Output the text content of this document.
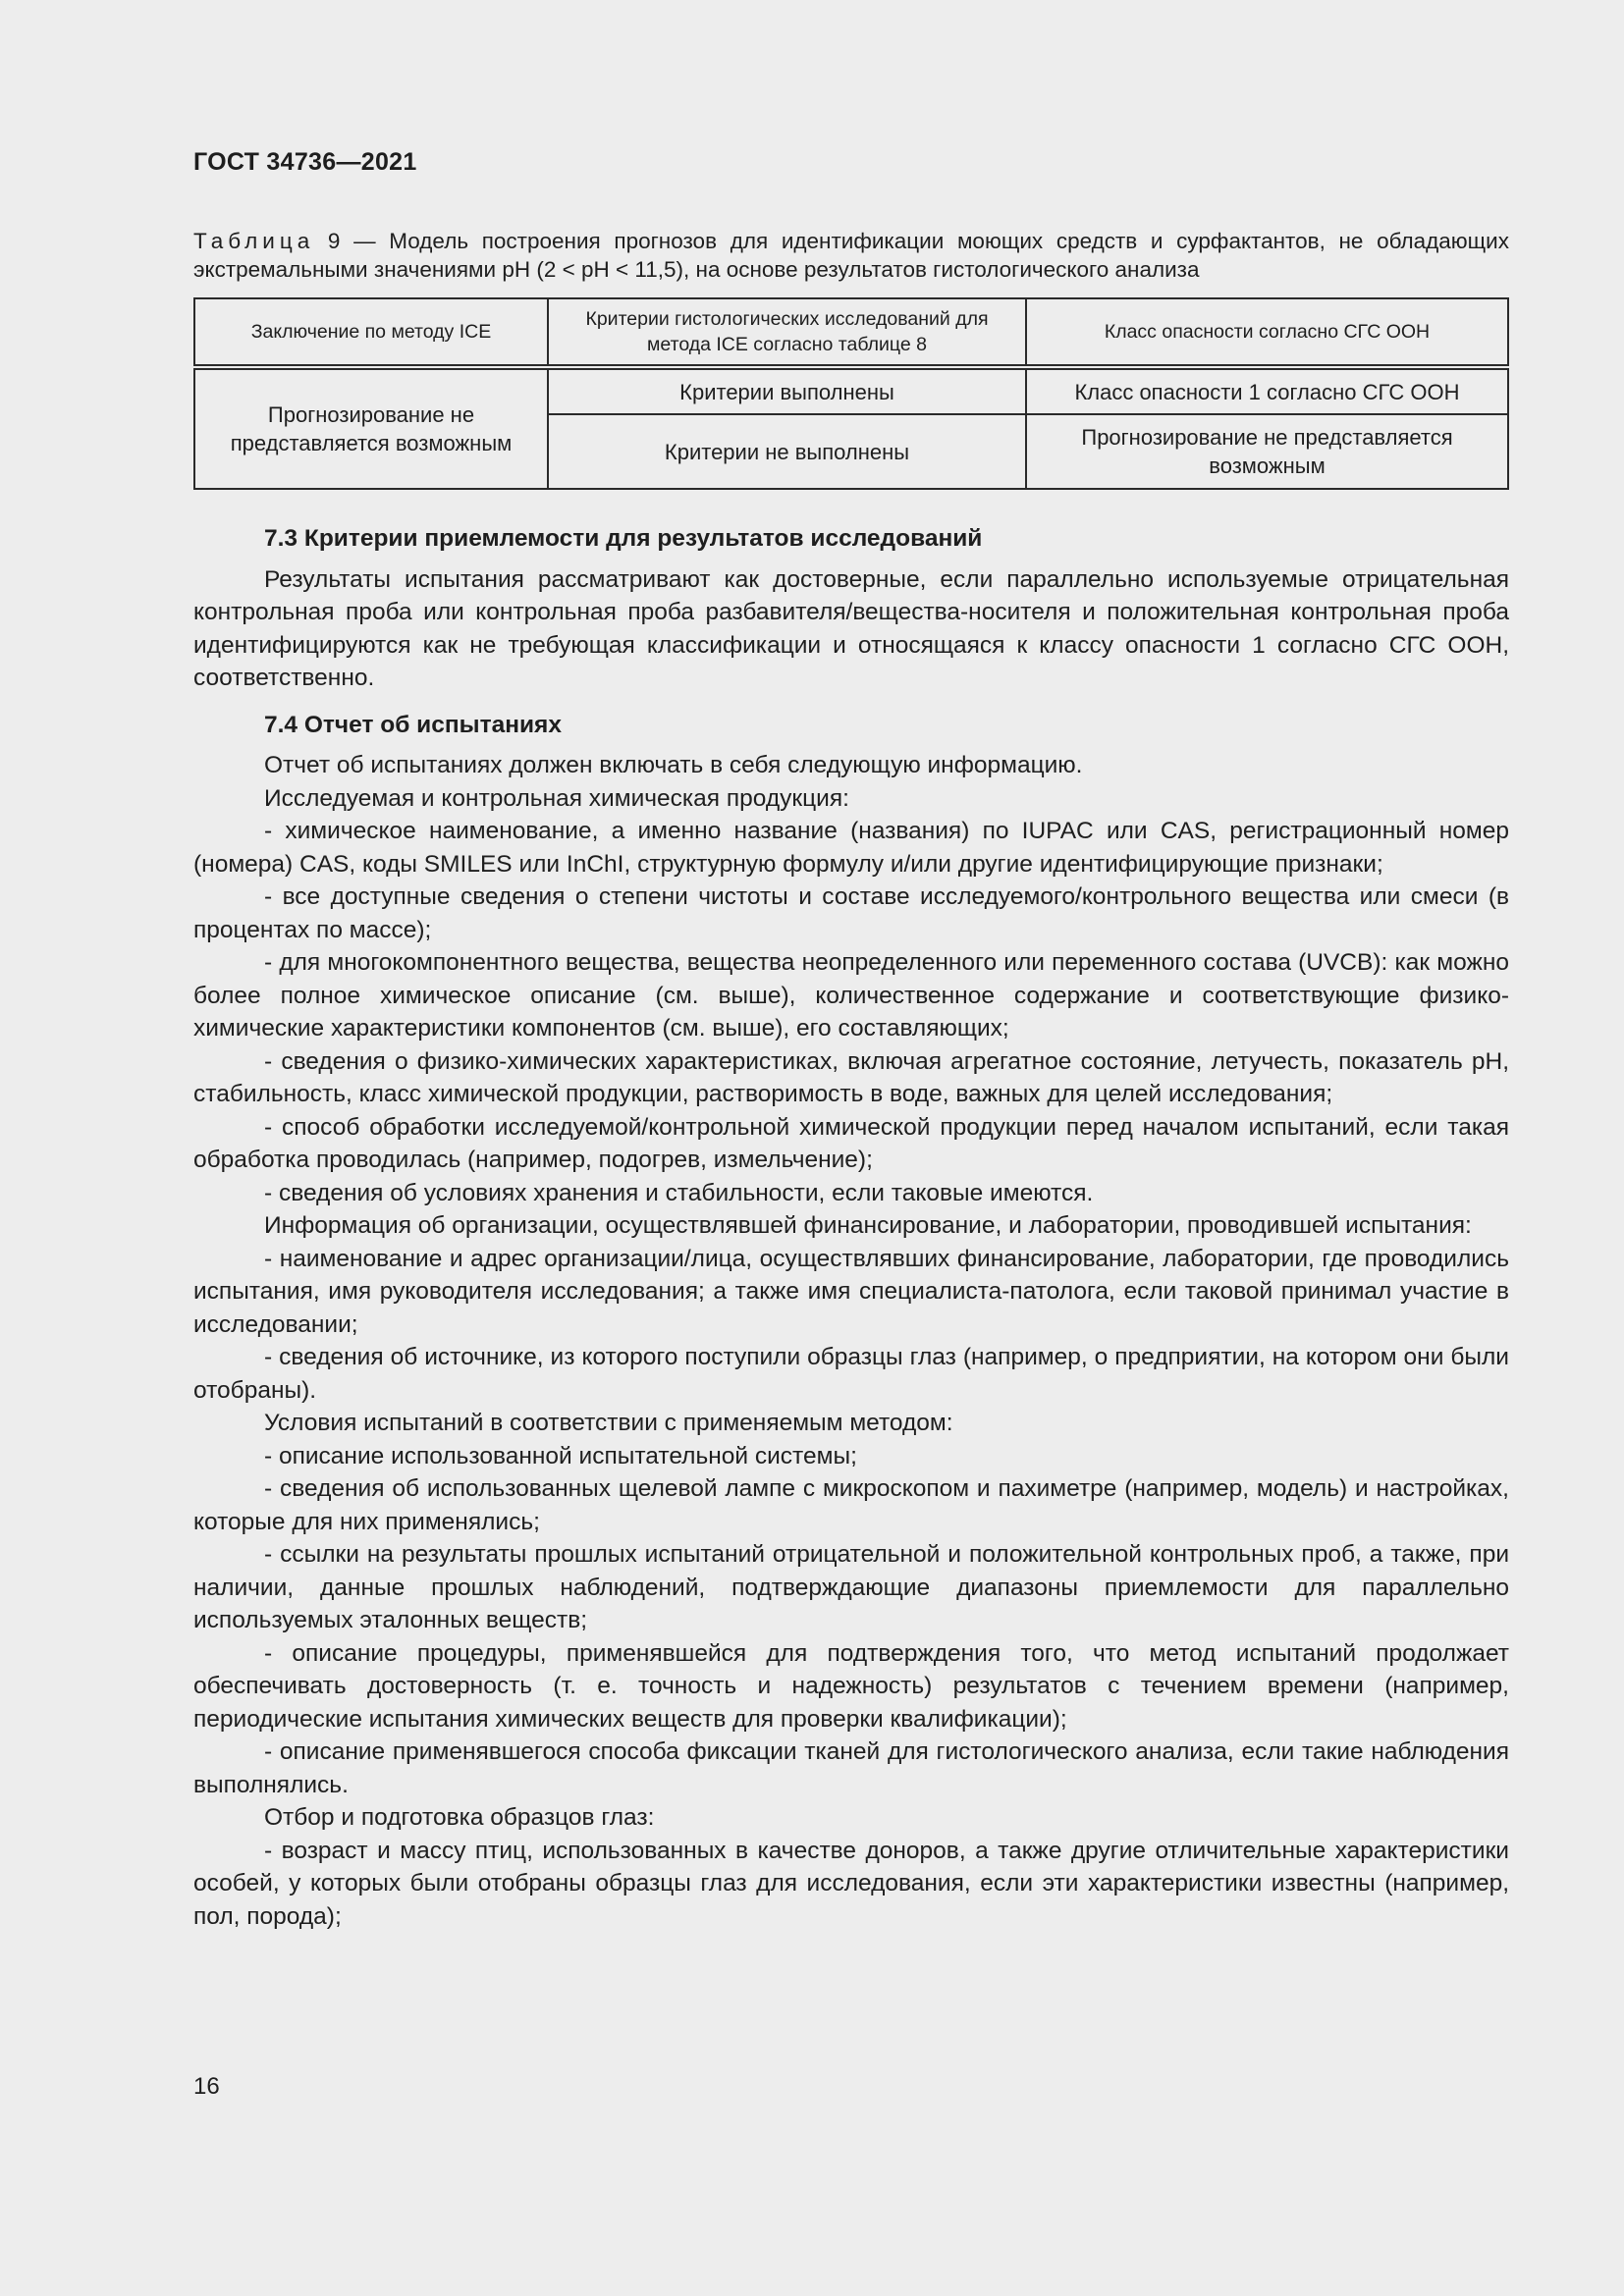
ГОСТ 34736—2021
Таблица 9 — Модель построения прогнозов для идентификации моющих средств и сурфактантов, не обладающих экстремальными значениями pH (2 < pH < 11,5), на основе результатов гистологического анализа
Заключение по методу ICE	Критерии гистологических исследований для метода ICE согласно таблице 8	Класс опасности согласно СГС ООН
Прогнозирование не представляется возможным	Критерии выполнены	Класс опасности 1 согласно СГС ООН
	Критерии не выполнены	Прогнозирование не представляется возможным

7.3 Критерии приемлемости для результатов исследований

Результаты испытания рассматривают как достоверные, если параллельно используемые отрицательная контрольная проба или контрольная проба разбавителя/вещества-носителя и положительная контрольная проба идентифицируются как не требующая классификации и относящаяся к классу опасности 1 согласно СГС ООН, соответственно.

7.4 Отчет об испытаниях

Отчет об испытаниях должен включать в себя следующую информацию.

Исследуемая и контрольная химическая продукция:

- химическое наименование, а именно название (названия) по IUPAC или CAS, регистрационный номер (номера) CAS, коды SMILES или InChI, структурную формулу и/или другие идентифицирующие признаки;

- все доступные сведения о степени чистоты и составе исследуемого/контрольного вещества или смеси (в процентах по массе);

- для многокомпонентного вещества, вещества неопределенного или переменного состава (UVCB): как можно более полное химическое описание (см. выше), количественное содержание и соответствующие физико-химические характеристики компонентов (см. выше), его составляющих;

- сведения о физико-химических характеристиках, включая агрегатное состояние, летучесть, показатель pH, стабильность, класс химической продукции, растворимость в воде, важных для целей исследования;

- способ обработки исследуемой/контрольной химической продукции перед началом испытаний, если такая обработка проводилась (например, подогрев, измельчение);

- сведения об условиях хранения и стабильности, если таковые имеются.

Информация об организации, осуществлявшей финансирование, и лаборатории, проводившей испытания:

- наименование и адрес организации/лица, осуществлявших финансирование, лаборатории, где проводились испытания, имя руководителя исследования; а также имя специалиста-патолога, если таковой принимал участие в исследовании;

- сведения об источнике, из которого поступили образцы глаз (например, о предприятии, на котором они были отобраны).

Условия испытаний в соответствии с применяемым методом:

- описание использованной испытательной системы;

- сведения об использованных щелевой лампе с микроскопом и пахиметре (например, модель) и настройках, которые для них применялись;

- ссылки на результаты прошлых испытаний отрицательной и положительной контрольных проб, а также, при наличии, данные прошлых наблюдений, подтверждающие диапазоны приемлемости для параллельно используемых эталонных веществ;

- описание процедуры, применявшейся для подтверждения того, что метод испытаний продолжает обеспечивать достоверность (т. е. точность и надежность) результатов с течением времени (например, периодические испытания химических веществ для проверки квалификации);

- описание применявшегося способа фиксации тканей для гистологического анализа, если такие наблюдения выполнялись.

Отбор и подготовка образцов глаз:

- возраст и массу птиц, использованных в качестве доноров, а также другие отличительные характеристики особей, у которых были отобраны образцы глаз для исследования, если эти характеристики известны (например, пол, порода);

16
